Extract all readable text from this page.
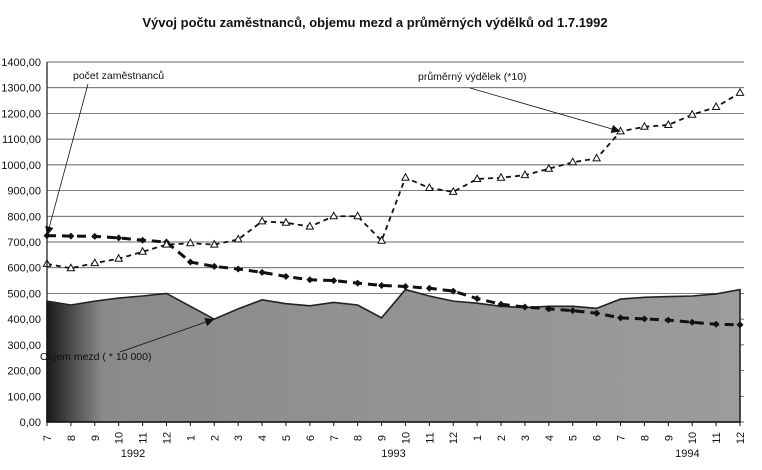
Vývoj počtu zaměstnanců, objemu mezd a průměrných výdělků od 1.7.1992
0,00
100,00
200,00
300,00
400,00
500,00
600,00
700,00
800,00
900,00
1000,00
1100,00
1200,00
1300,00
1400,00
7 8 9 10 11 12 1 2 3 4 5 6 7 8 9 10 11 12 1 2 3 4 5 6 7 8 9 10 11 12
1992	1993	1994
počet zaměstnanců	průměrný výdělek (*10)
Objem mezd ( * 10 000)
